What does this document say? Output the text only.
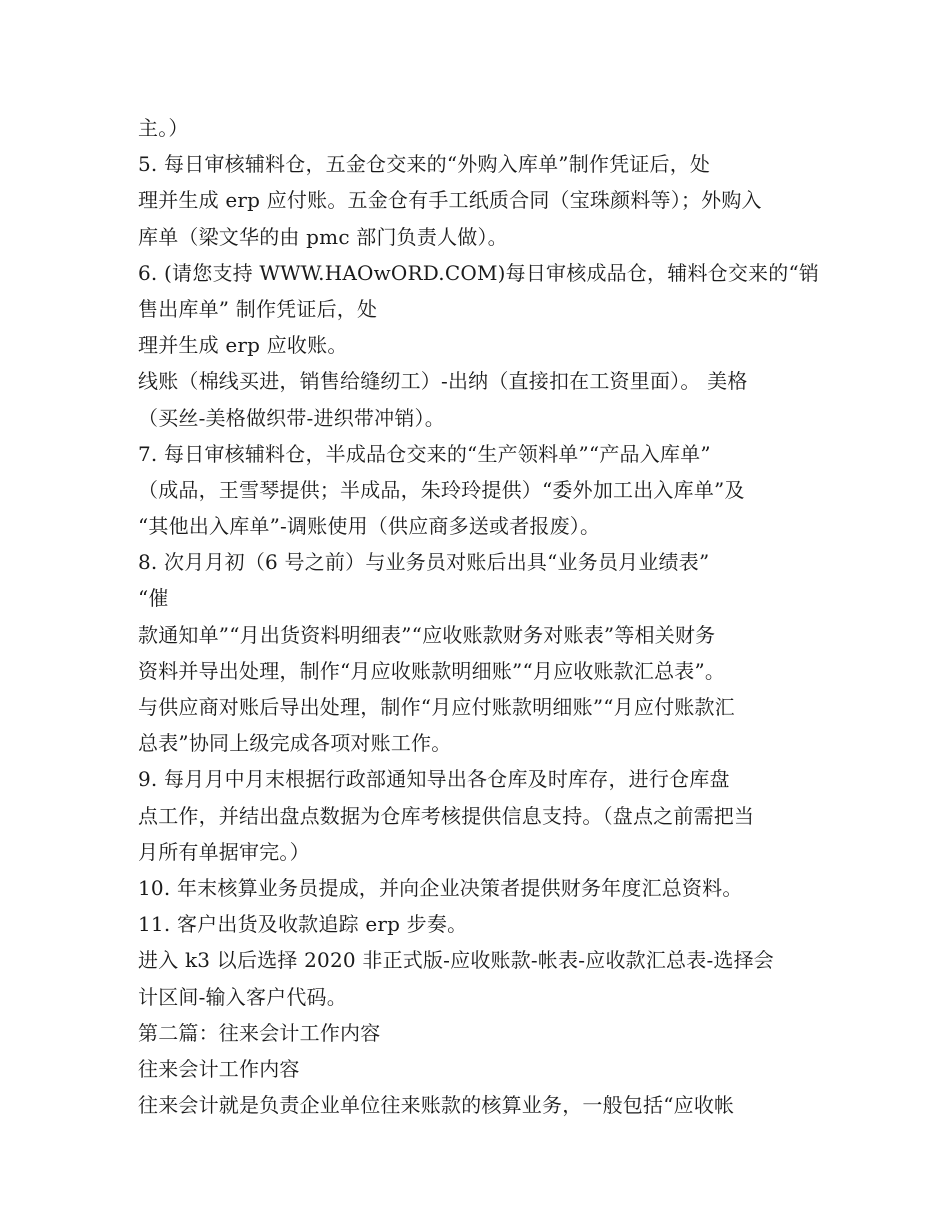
主。）
5. 每日审核辅料仓，五金仓交来的“外购入库单”制作凭证后，处
理并生成 erp 应付账。五金仓有手工纸质合同（宝珠颜料等）；外购入
库单（梁文华的由 pmc 部门负责人做）。
6. (请您支持 WWW.HAOwORD.COM)每日审核成品仓，辅料仓交来的“销
售出库单” 制作凭证后，处
理并生成 erp 应收账。
线账（棉线买进，销售给缝纫工）-出纳（直接扣在工资里面）。 美格
（买丝-美格做织带-进织带冲销）。
7. 每日审核辅料仓，半成品仓交来的“生产领料单”“产品入库单”
（成品，王雪琴提供；半成品，朱玲玲提供）“委外加工出入库单”及
“其他出入库单”-调账使用（供应商多送或者报废）。
8. 次月月初（6 号之前）与业务员对账后出具“业务员月业绩表”
“催
款通知单”“月出货资料明细表”“应收账款财务对账表”等相关财务
资料并导出处理，制作“月应收账款明细账”“月应收账款汇总表”。
与供应商对账后导出处理，制作“月应付账款明细账”“月应付账款汇
总表”协同上级完成各项对账工作。
9. 每月月中月末根据行政部通知导出各仓库及时库存，进行仓库盘
点工作，并结出盘点数据为仓库考核提供信息支持。（盘点之前需把当
月所有单据审完。）
10. 年末核算业务员提成，并向企业决策者提供财务年度汇总资料。
11. 客户出货及收款追踪 erp 步奏。
进入 k3 以后选择 2020 非正式版-应收账款-帐表-应收款汇总表-选择会
计区间-输入客户代码。
第二篇：往来会计工作内容
往来会计工作内容
往来会计就是负责企业单位往来账款的核算业务，一般包括“应收帐
